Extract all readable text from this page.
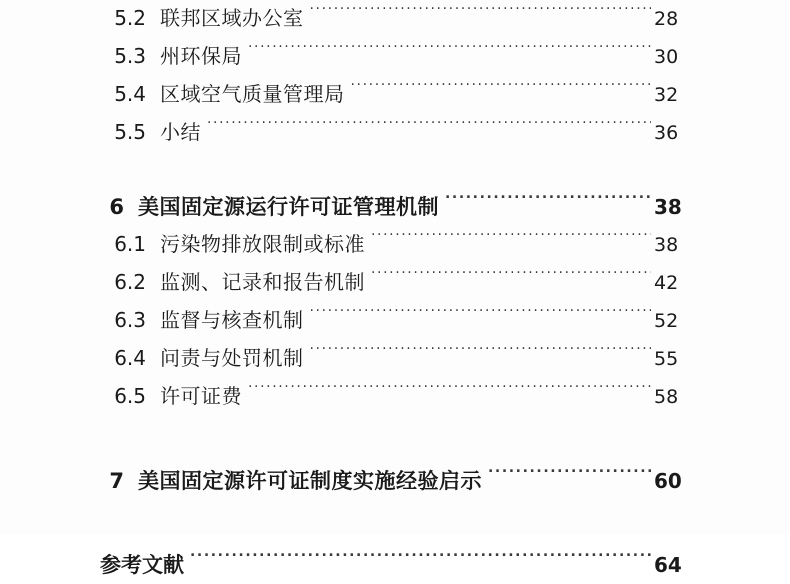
5.2 联邦区域办公室 .....	28
5.3 州环保局 .....	30
5.4 区域空气质量管理局 .....	32
5.5 小结 .....	36
6 美国固定源运行许可证管理机制 .....	38
6.1 污染物排放限制或标准 .....	38
6.2 监测、记录和报告机制 .....	42
6.3 监督与核查机制 .....	52
6.4 问责与处罚机制 .....	55
6.5 许可证费 .....	58
7 美国固定源许可证制度实施经验启示 .....	60
参考文献 .....	64
